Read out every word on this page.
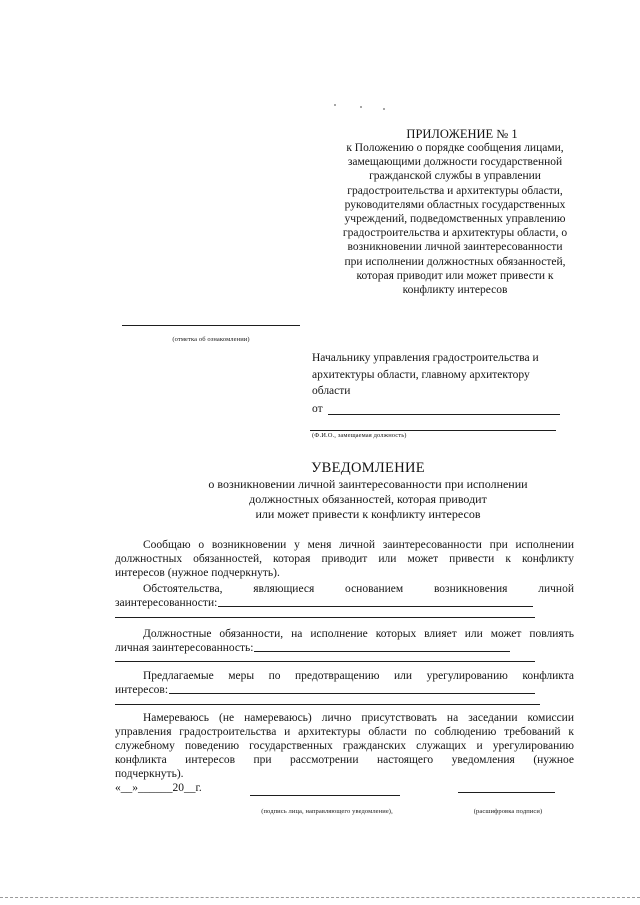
ПРИЛОЖЕНИЕ № 1
к Положению о порядке сообщения лицами,
замещающими должности государственной
гражданской службы в управлении
градостроительства и архитектуры области,
руководителями областных государственных
учреждений, подведомственных управлению
градостроительства и архитектуры области, о
возникновении личной заинтересованности
при исполнении должностных обязанностей,
которая приводит или может привести к
конфликту интересов
(отметка об ознакомлении)
Начальнику управления градостроительства и
архитектуры области, главному архитектору
области
от
(Ф.И.О., замещаемая должность)
УВЕДОМЛЕНИЕ
о возникновении личной заинтересованности при исполнении
должностных обязанностей, которая приводит
или может привести к конфликту интересов
Сообщаю о возникновении у меня личной заинтересованности при исполнении
должностных обязанностей, которая приводит или может привести к конфликту
интересов (нужное подчеркнуть).
Обстоятельства, являющиеся основанием возникновения личной
заинтересованности:
Должностные обязанности, на исполнение которых влияет или может повлиять
личная заинтересованность:
Предлагаемые меры по предотвращению или урегулированию конфликта
интересов:
Намереваюсь (не намереваюсь) лично присутствовать на заседании комиссии
управления градостроительства и архитектуры области по соблюдению требований к
служебному поведению государственных гражданских служащих и урегулированию
конфликта интересов при рассмотрении настоящего уведомления (нужное
подчеркнуть).
«__»______20__г.
(подпись лица, направляющего уведомление),	(расшифровка подписи)
